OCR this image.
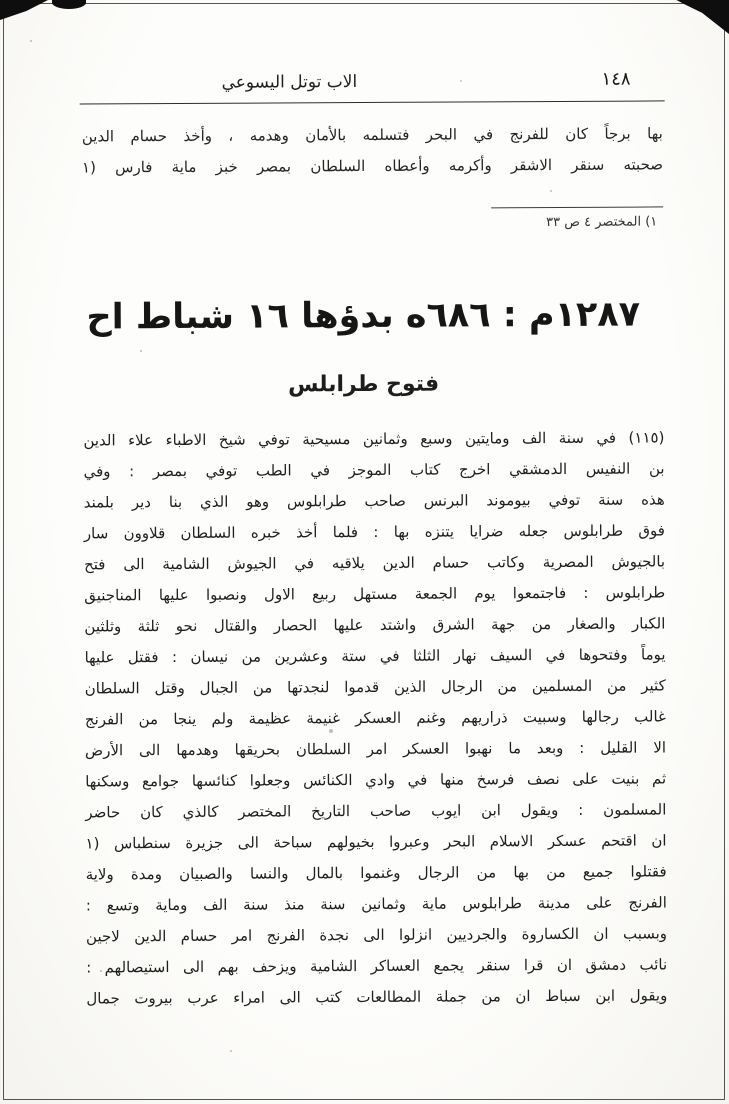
الاب توتل اليسوعي	١٤٨
بها برجاً كان للفرنج في البحر فتسلمه بالأمان وهدمه ، وأخذ حسام الدين
صحبته سنقر الاشقر وأكرمه وأعطاه السلطان بمصر خبز ماية فارس (١
١) المختصر ٤ ص ٣٣
١٢٨٧م : ٦٨٦ه بدؤها ١٦ شباط اح
فتوح طرابلس
(١١٥) في سنة الف ومايتين وسبع وثمانين مسيحية توفي شيخ الاطباء علاء الدين
بن النفيس الدمشقي اخرج كتاب الموجز في الطب توفي بمصر : وفي
هذه سنة توفي بيوموند البرنس صاحب طرابلوس وهو الذي بنا دير بلمند
فوق طرابلوس جعله ضرايا يتنزه بها : فلما أخذ خبره السلطان قلاوون سار
بالجيوش المصرية وكاتب حسام الدين يلاقيه في الجيوش الشامية الى فتح
طرابلوس : فاجتمعوا يوم الجمعة مستهل ربيع الاول ونصبوا عليها المناجنيق
الكبار والصغار من جهة الشرق واشتد عليها الحصار والقتال نحو ثلثة وثلثين
يوماً وفتحوها في السيف نهار الثلثا في ستة وعشرين من نيسان : فقتل عليها
كثير من المسلمين من الرجال الذين قدموا لنجدتها من الجبال وقتل السلطان
غالب رجالها وسبيت ذراريهم وغنم العسكر غنيمة عظيمة ولم ينجا من الفرنج
الا القليل : وبعد ما نهبوا العسكر امر السلطان بحريقها وهدمها الى الأرض
ثم بنيت على نصف فرسخ منها في وادي الكنائس وجعلوا كنائسها جوامع وسكنها
المسلمون : ويقول ابن ايوب صاحب التاريخ المختصر كالذي كان حاضر
ان اقتحم عسكر الاسلام البحر وعبروا بخيولهم سباحة الى جزيرة سنطباس (١
فقتلوا جميع من بها من الرجال وغنموا بالمال والنسا والصبيان ومدة ولاية
الفرنج على مدينة طرابلوس ماية وثمانين سنة منذ سنة الف وماية وتسع :
وبسبب ان الكساروة والجرديين انزلوا الى نجدة الفرنج امر حسام الدين لاجين
نائب دمشق ان قرا سنقر يجمع العساكر الشامية ويزحف بهم الى استيصالهم :
ويقول ابن سباط ان من جملة المطالعات كتب الى امراء عرب بيروت جمال
